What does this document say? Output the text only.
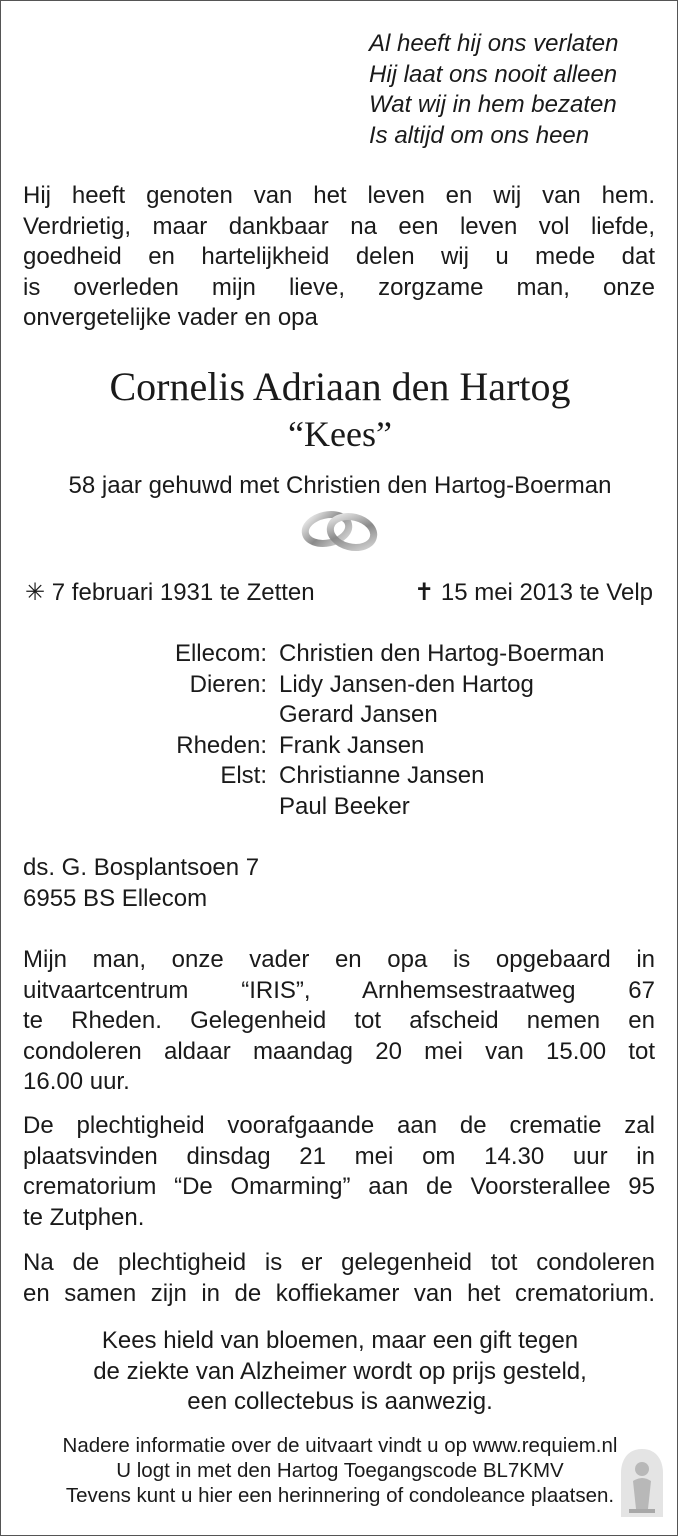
Al heeft hij ons verlaten
Hij laat ons nooit alleen
Wat wij in hem bezaten
Is altijd om ons heen
Hij heeft genoten van het leven en wij van hem.
Verdrietig, maar dankbaar na een leven vol liefde,
goedheid en hartelijkheid delen wij u mede dat
is overleden mijn lieve, zorgzame man, onze
onvergetelijke vader en opa
Cornelis Adriaan den Hartog
“Kees”
58 jaar gehuwd met Christien den Hartog-Boerman
✳ 7 februari 1931 te Zetten	✝ 15 mei 2013 te Velp
Ellecom: Christien den Hartog-Boerman
Dieren: Lidy Jansen-den Hartog
Gerard Jansen
Rheden: Frank Jansen
Elst: Christianne Jansen
Paul Beeker
ds. G. Bosplantsoen 7
6955 BS Ellecom
Mijn man, onze vader en opa is opgebaard in
uitvaartcentrum “IRIS”, Arnhemsestraatweg 67
te Rheden. Gelegenheid tot afscheid nemen en
condoleren aldaar maandag 20 mei van 15.00 tot
16.00 uur.
De plechtigheid voorafgaande aan de crematie zal
plaatsvinden dinsdag 21 mei om 14.30 uur in
crematorium “De Omarming” aan de Voorsterallee 95
te Zutphen.
Na de plechtigheid is er gelegenheid tot condoleren
en samen zijn in de koffiekamer van het crematorium.
Kees hield van bloemen, maar een gift tegen
de ziekte van Alzheimer wordt op prijs gesteld,
een collectebus is aanwezig.
Nadere informatie over de uitvaart vindt u op www.requiem.nl
U logt in met den Hartog Toegangscode BL7KMV
Tevens kunt u hier een herinnering of condoleance plaatsen.
